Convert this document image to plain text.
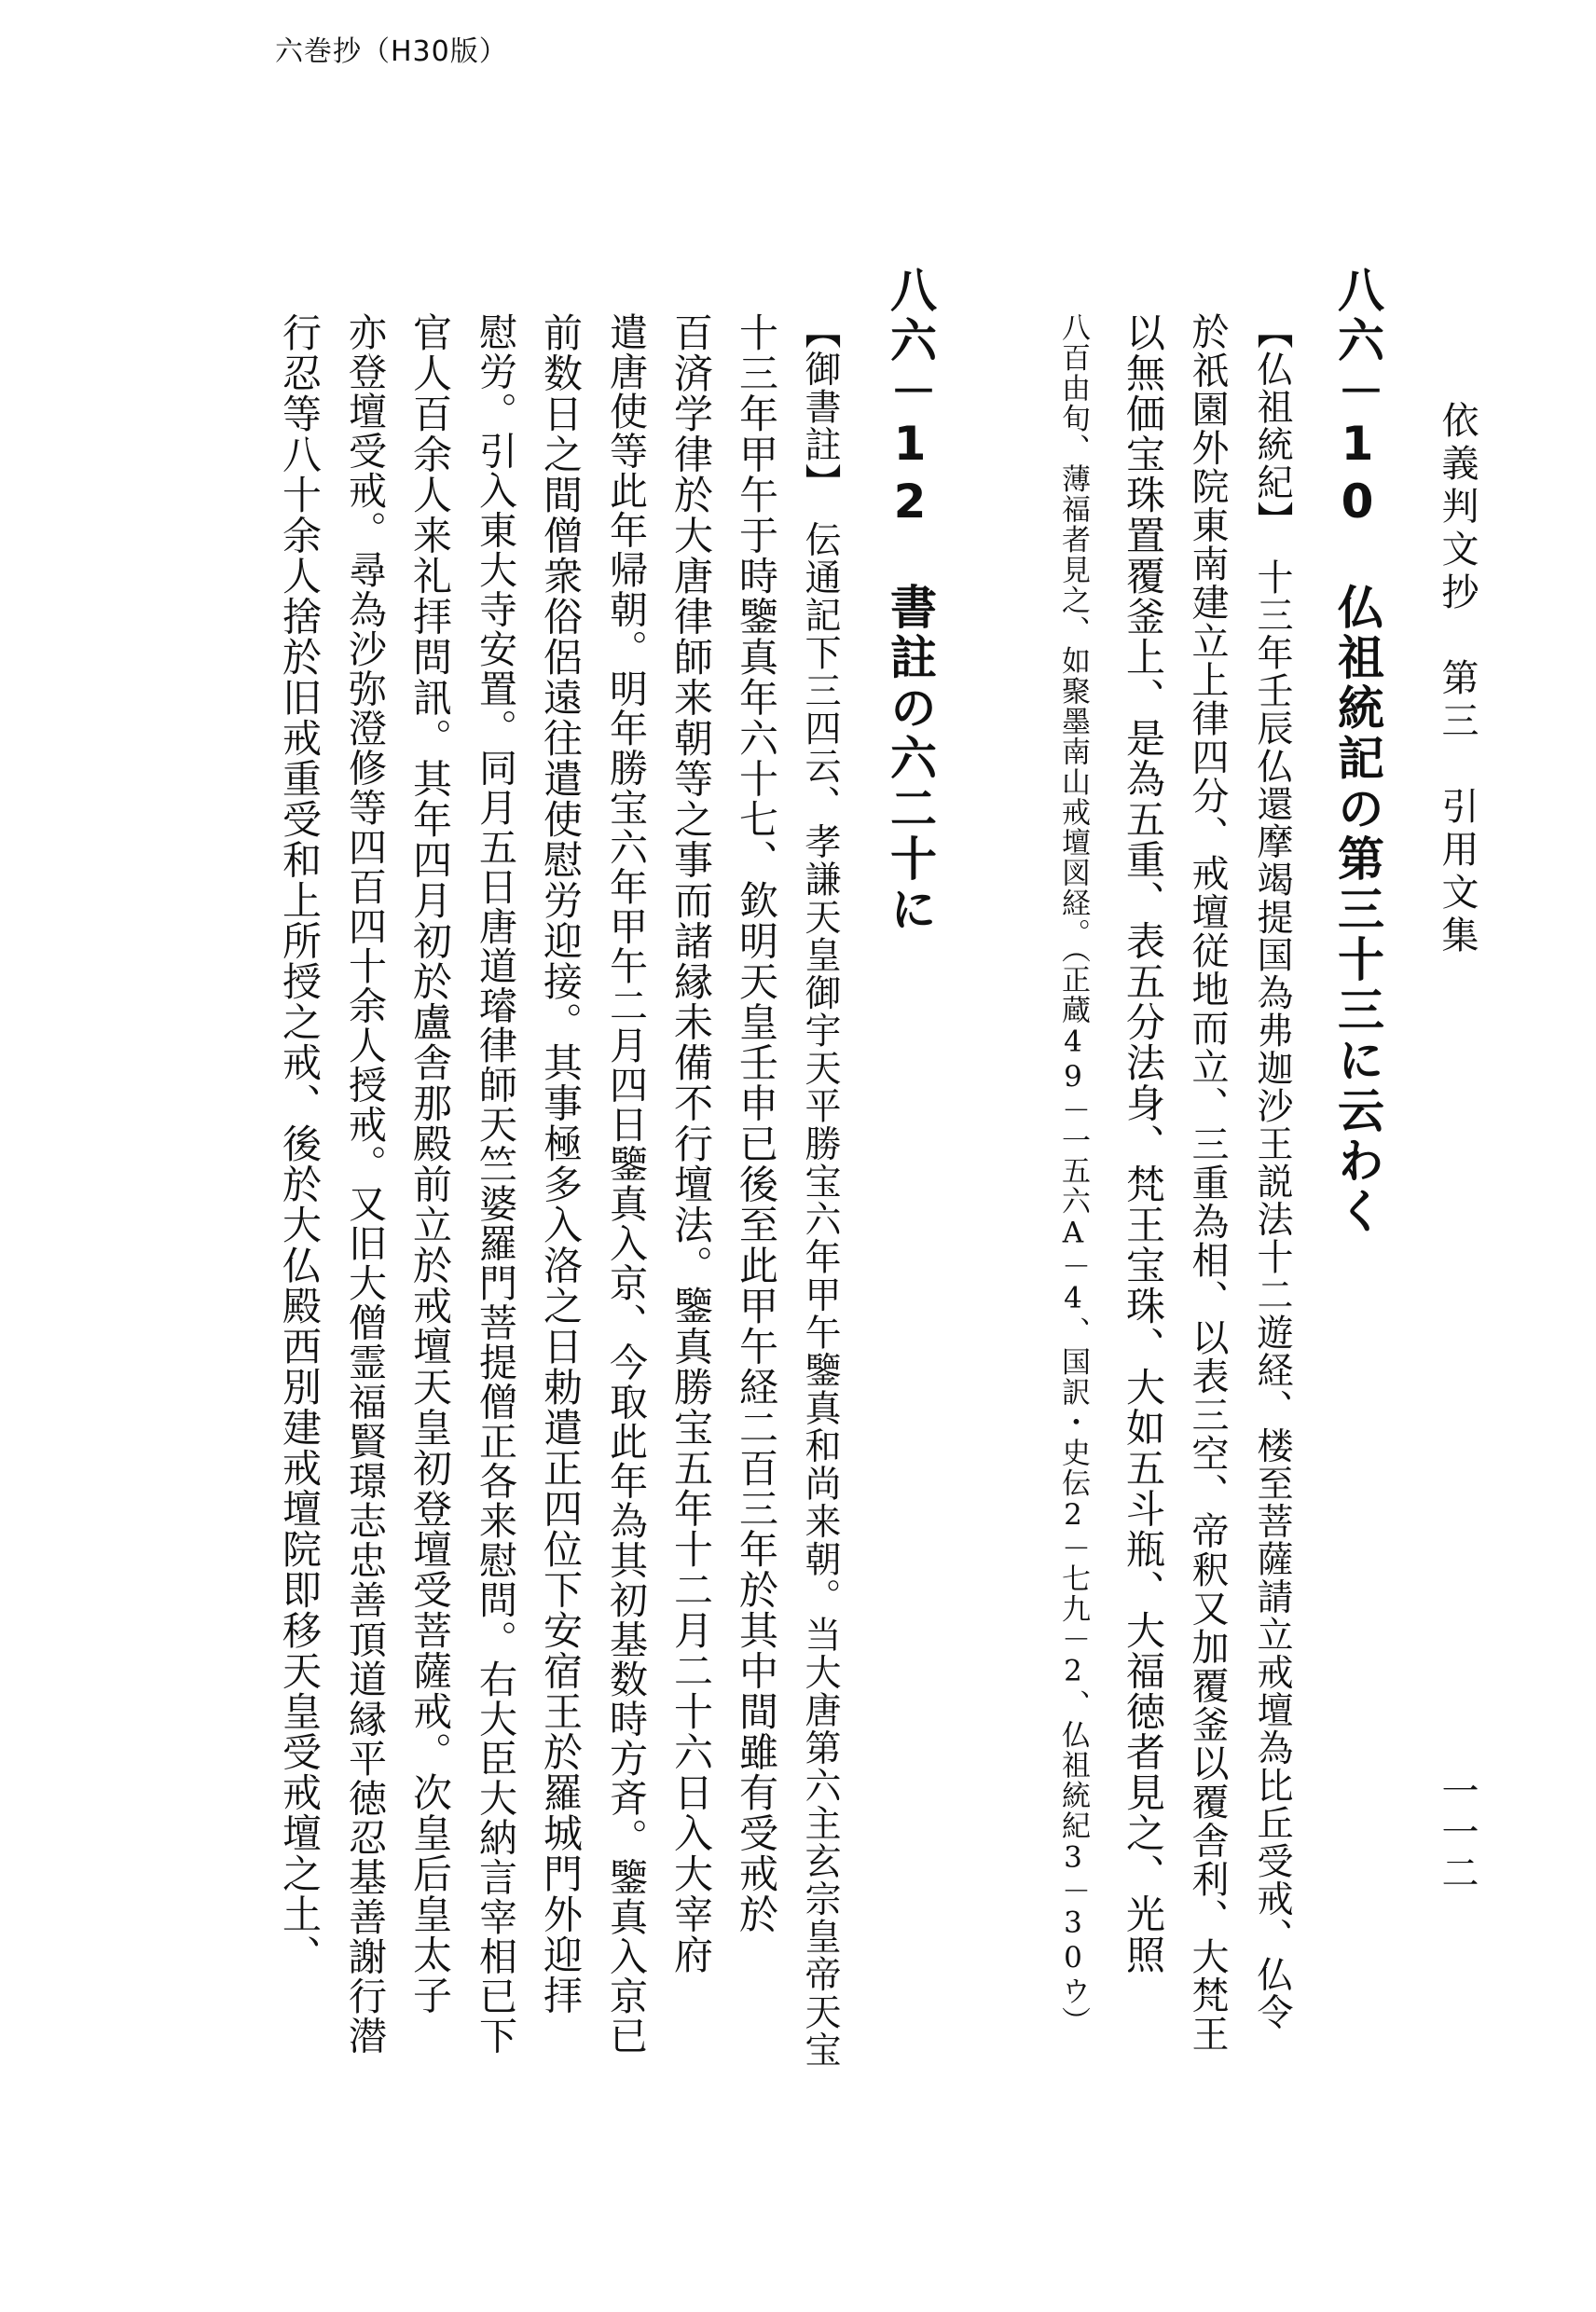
六巻抄（H30版）
依義判文抄　第三　引用文集
一一二
八六－10　仏祖統記の第三十三に云わく
【仏祖統紀】　十三年壬辰仏還摩竭提国為弗迦沙王説法十二遊経、楼至菩薩請立戒壇為比丘受戒、仏令
於祇園外院東南建立上律四分、戒壇従地而立、三重為相、以表三空、帝釈又加覆釜以覆舎利、大梵王
以無価宝珠置覆釜上、是為五重、表五分法身、梵王宝珠、大如五斗瓶、大福徳者見之、光照
八百由旬、薄福者見之、如聚墨南山戒壇図経。（正蔵49－一五六A－4、国訳・史伝2－七九－2、仏祖統紀3－30ウ）
八六－12　書註の六二十に
【御書註】　伝通記下三四云、孝謙天皇御宇天平勝宝六年甲午鑒真和尚来朝。当大唐第六主玄宗皇帝天宝
十三年甲午于時鑒真年六十七、欽明天皇壬申已後至此甲午経二百三年於其中間雖有受戒於
百済学律於大唐律師来朝等之事而諸縁未備不行壇法。鑒真勝宝五年十二月二十六日入大宰府
遣唐使等此年帰朝。明年勝宝六年甲午二月四日鑒真入京、今取此年為其初基数時方斉。鑒真入京已
前数日之間僧衆俗侶遠往遣使慰労迎接。其事極多入洛之日勅遣正四位下安宿王於羅城門外迎拝
慰労。引入東大寺安置。同月五日唐道璿律師天竺婆羅門菩提僧正各来慰問。右大臣大納言宰相已下
官人百余人来礼拝問訊。其年四月初於盧舎那殿前立於戒壇天皇初登壇受菩薩戒。次皇后皇太子
亦登壇受戒。尋為沙弥澄修等四百四十余人授戒。又旧大僧霊福賢璟志忠善頂道縁平徳忍基善謝行潜
行忍等八十余人捨於旧戒重受和上所授之戒、後於大仏殿西別建戒壇院即移天皇受戒壇之土、
